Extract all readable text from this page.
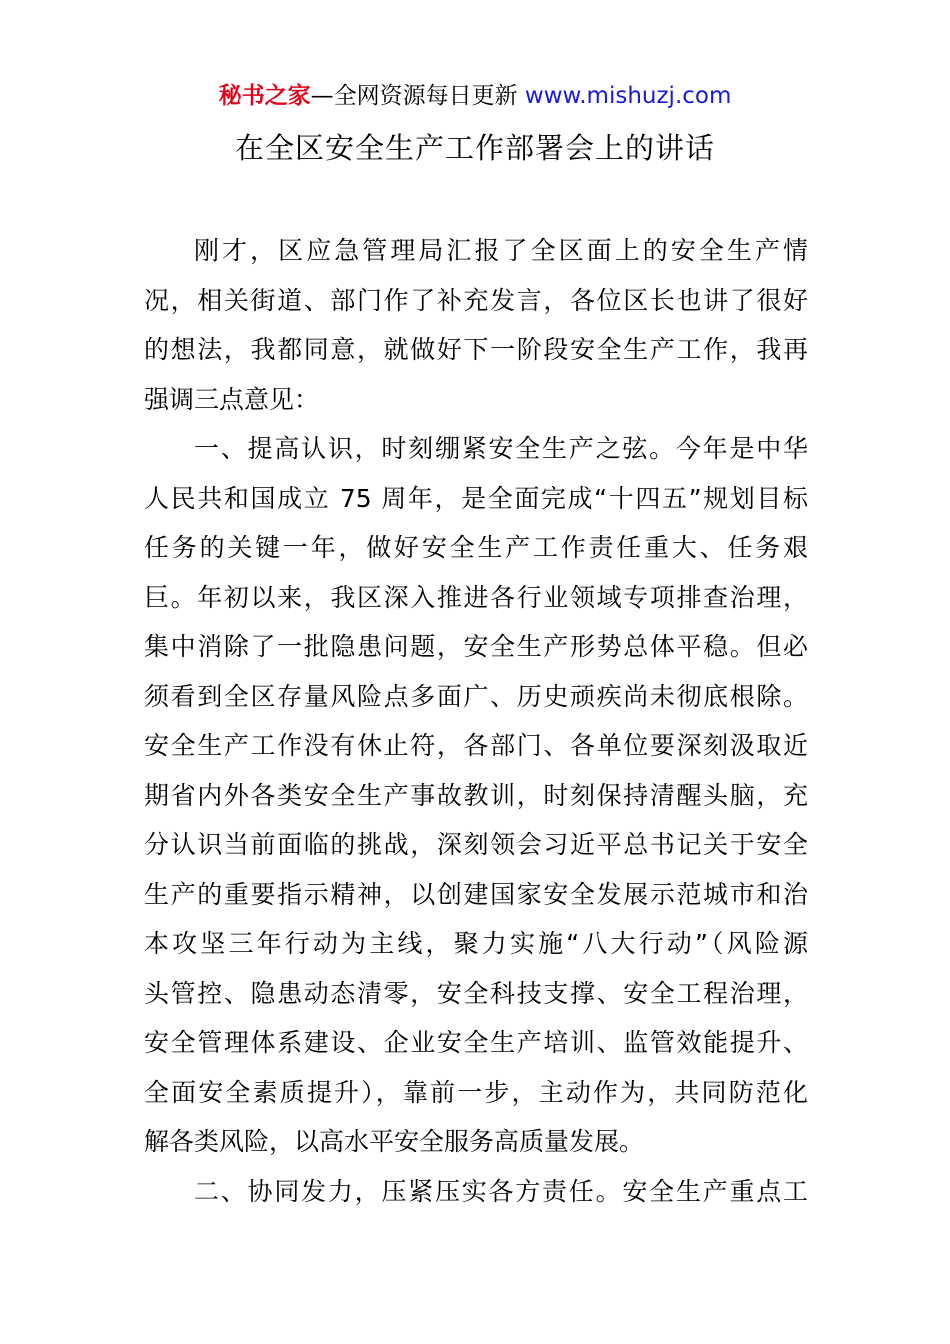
秘书之家—全网资源每日更新 www.mishuzj.com
在全区安全生产工作部署会上的讲话
刚才，区应急管理局汇报了全区面上的安全生产情
况，相关街道、部门作了补充发言，各位区长也讲了很好
的想法，我都同意，就做好下一阶段安全生产工作，我再
强调三点意见：
一、提高认识，时刻绷紧安全生产之弦。今年是中华
人民共和国成立 75 周年，是全面完成“十四五”规划目标
任务的关键一年，做好安全生产工作责任重大、任务艰
巨。年初以来，我区深入推进各行业领域专项排查治理，
集中消除了一批隐患问题，安全生产形势总体平稳。但必
须看到全区存量风险点多面广、历史顽疾尚未彻底根除。
安全生产工作没有休止符，各部门、各单位要深刻汲取近
期省内外各类安全生产事故教训，时刻保持清醒头脑，充
分认识当前面临的挑战，深刻领会习近平总书记关于安全
生产的重要指示精神，以创建国家安全发展示范城市和治
本攻坚三年行动为主线，聚力实施“八大行动”（风险源
头管控、隐患动态清零，安全科技支撑、安全工程治理，
安全管理体系建设、企业安全生产培训、监管效能提升、
全面安全素质提升），靠前一步，主动作为，共同防范化
解各类风险，以高水平安全服务高质量发展。
二、协同发力，压紧压实各方责任。安全生产重点工
